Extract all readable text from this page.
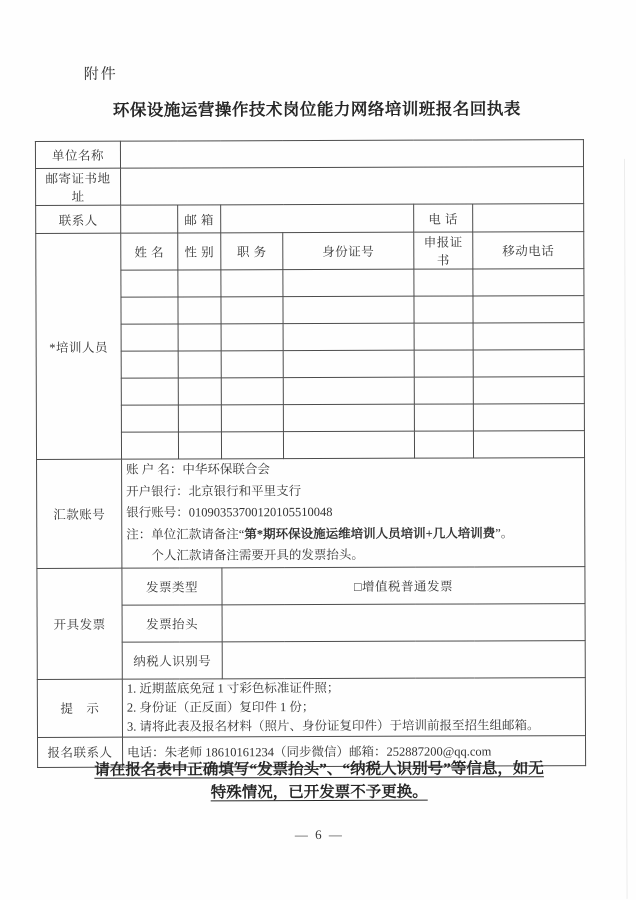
附件
环保设施运营操作技术岗位能力网络培训班报名回执表
单位名称						
邮寄证书地址						
联系人		邮 箱			电 话	
*培训人员	姓 名	性 别	职 务	身份证号	申报证书	移动电话

汇款账号	账 户 名：中华环保联合会
开户银行：北京银行和平里支行
银行账号：01090353700120105510048
注：单位汇款请备注“第*期环保设施运维培训人员培训+几人培训费”。
个人汇款请备注需要开具的发票抬头。					

开具发票	发票类型		□增值税普通发票			
	发票抬头					
	纳税人识别号					
提　示	1. 近期蓝底免冠 1 寸彩色标准证件照；
2. 身份证（正反面）复印件 1 份；
3. 请将此表及报名材料（照片、身份证复印件）于培训前报至招生组邮箱。					

报名联系人	电话：朱老师 18610161234（同步微信）邮箱：252887200@qq.com					
请在报名表中正确填写“发票抬头”、“纳税人识别号”等信息，如无
特殊情况，已开发票不予更换。
— 6 —
